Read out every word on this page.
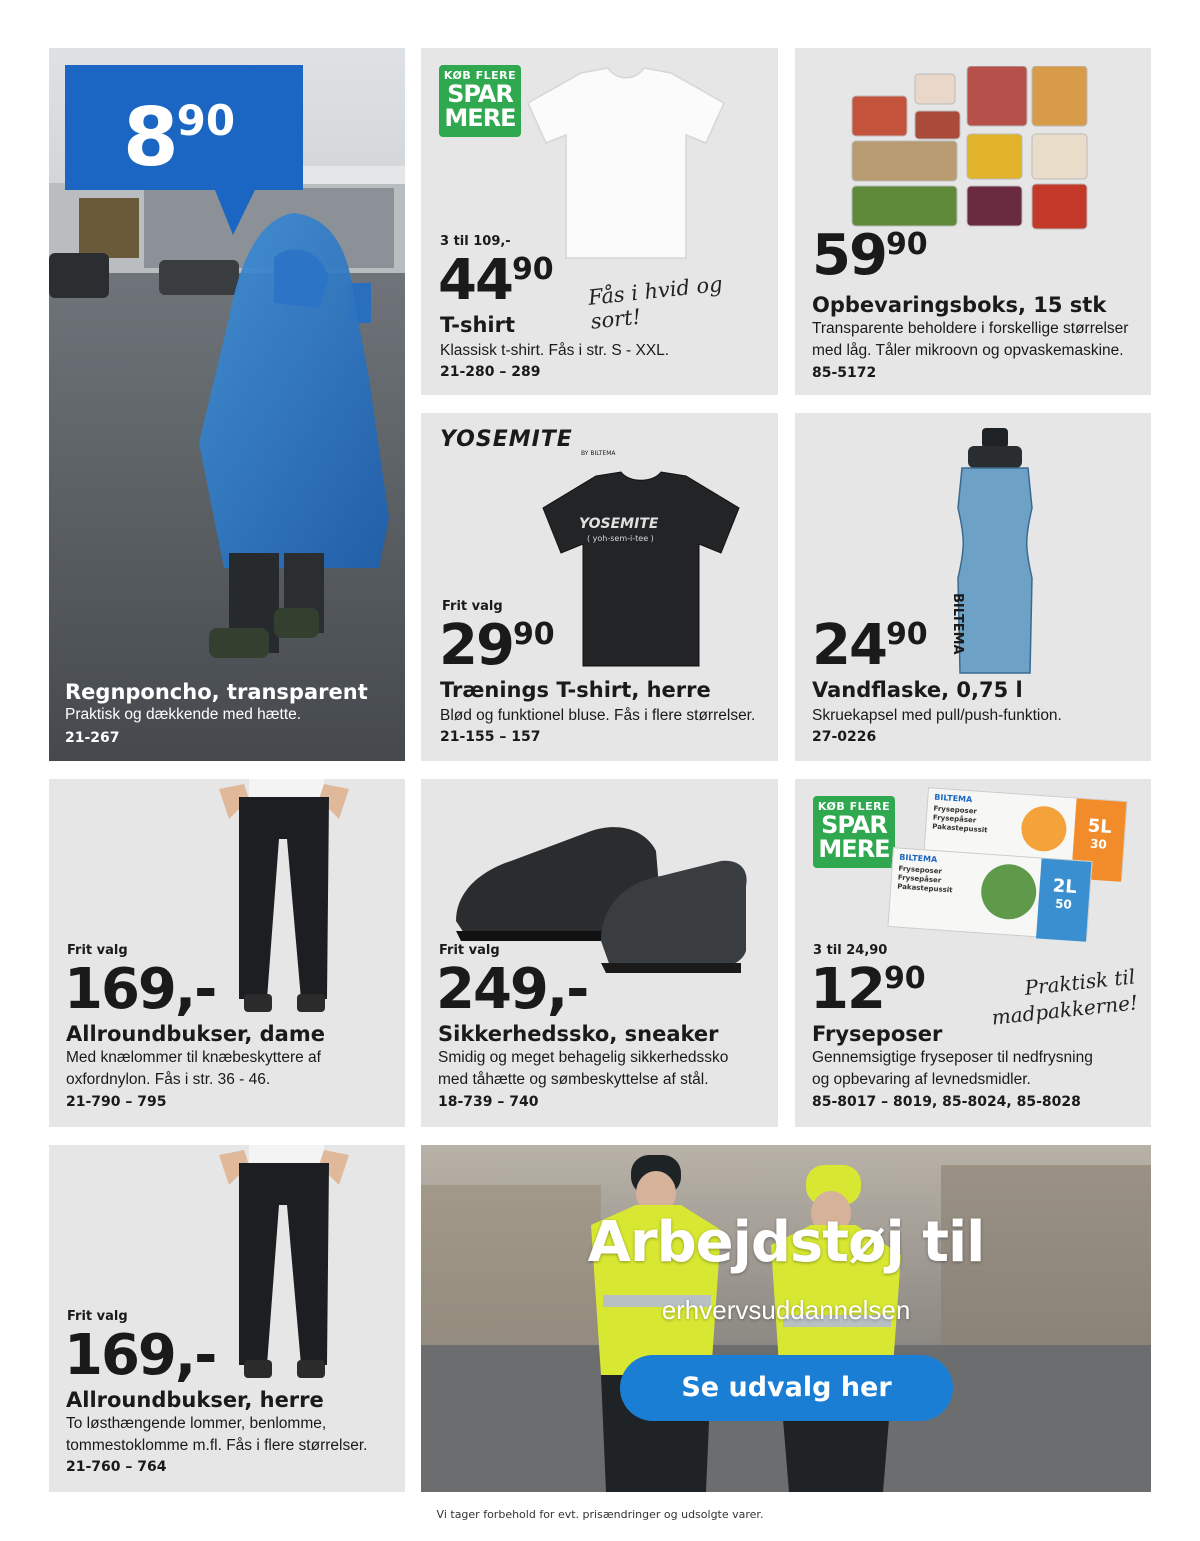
890
Regnponcho, transparent
Praktisk og dækkende med hætte.
21-267
KØB FLERE
SPAR
MERE
3 til 109,-
4490
Fås i hvid og sort!
T-shirt
Klassisk t-shirt. Fås i str. S - XXL.
21-280 – 289
5990
Opbevaringsboks, 15 stk
Transparente beholdere i forskellige størrelser
med låg. Tåler mikroovn og opvaskemaskine.
85-5172
YOSEMITE
BY BILTEMA
YOSEMITE
( yoh-sem-i-tee )
Frit valg
2990
Trænings T-shirt, herre
Blød og funktionel bluse. Fås i flere størrelser.
21-155 – 157
BILTEMA
2490
Vandflaske, 0,75 l
Skruekapsel med pull/push-funktion.
27-0226
Frit valg
169,-
Allroundbukser, dame
Med knælommer til knæbeskyttere af
oxfordnylon. Fås i str. 36 - 46.
21-790 – 795
Frit valg
249,-
Sikkerhedssko, sneaker
Smidig og meget behagelig sikkerhedssko
med tåhætte og sømbeskyttelse af stål.
18-739 – 740
KØB FLERE
SPAR
MERE
BILTEMA
Fryseposer
Frysepåser
Pakastepussit	5L
30
BILTEMA
Fryseposer
Frysepåser
Pakastepussit	2L
50
3 til 24,90
1290	Praktisk til
madpakkerne!
Fryseposer
Gennemsigtige fryseposer til nedfrysning
og opbevaring af levnedsmidler.
85-8017 – 8019, 85-8024, 85-8028
Frit valg
169,-
Allroundbukser, herre
To løsthængende lommer, benlomme,
tommestoklomme m.fl. Fås i flere størrelser.
21-760 – 764
Arbejdstøj til
erhvervsuddannelsen
Se udvalg her
Vi tager forbehold for evt. prisændringer og udsolgte varer.
